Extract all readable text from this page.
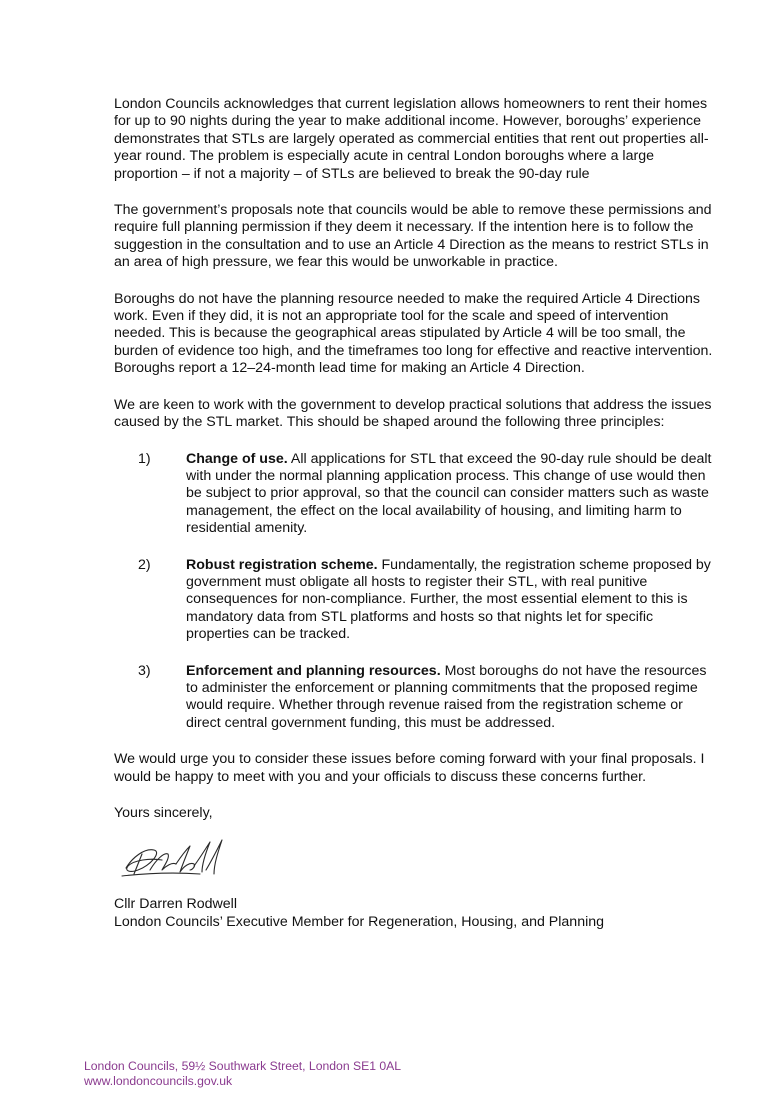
London Councils acknowledges that current legislation allows homeowners to rent their homes for up to 90 nights during the year to make additional income. However, boroughs’ experience demonstrates that STLs are largely operated as commercial entities that rent out properties all-year round. The problem is especially acute in central London boroughs where a large proportion – if not a majority – of STLs are believed to break the 90-day rule

The government’s proposals note that councils would be able to remove these permissions and require full planning permission if they deem it necessary. If the intention here is to follow the suggestion in the consultation and to use an Article 4 Direction as the means to restrict STLs in an area of high pressure, we fear this would be unworkable in practice.

Boroughs do not have the planning resource needed to make the required Article 4 Directions work. Even if they did, it is not an appropriate tool for the scale and speed of intervention needed. This is because the geographical areas stipulated by Article 4 will be too small, the burden of evidence too high, and the timeframes too long for effective and reactive intervention. Boroughs report a 12–24-month lead time for making an Article 4 Direction.

We are keen to work with the government to develop practical solutions that address the issues caused by the STL market. This should be shaped around the following three principles:

1)	Change of use. All applications for STL that exceed the 90-day rule should be dealt with under the normal planning application process. This change of use would then be subject to prior approval, so that the council can consider matters such as waste management, the effect on the local availability of housing, and limiting harm to residential amenity.
2)	Robust registration scheme. Fundamentally, the registration scheme proposed by government must obligate all hosts to register their STL, with real punitive consequences for non-compliance. Further, the most essential element to this is mandatory data from STL platforms and hosts so that nights let for specific properties can be tracked.
3)	Enforcement and planning resources. Most boroughs do not have the resources to administer the enforcement or planning commitments that the proposed regime would require. Whether through revenue raised from the registration scheme or direct central government funding, this must be addressed.

We would urge you to consider these issues before coming forward with your final proposals. I would be happy to meet with you and your officials to discuss these concerns further.

Yours sincerely,

Cllr Darren Rodwell

London Councils’ Executive Member for Regeneration, Housing, and Planning

London Councils, 59½ Southwark Street, London SE1 0AL
www.londoncouncils.gov.uk
